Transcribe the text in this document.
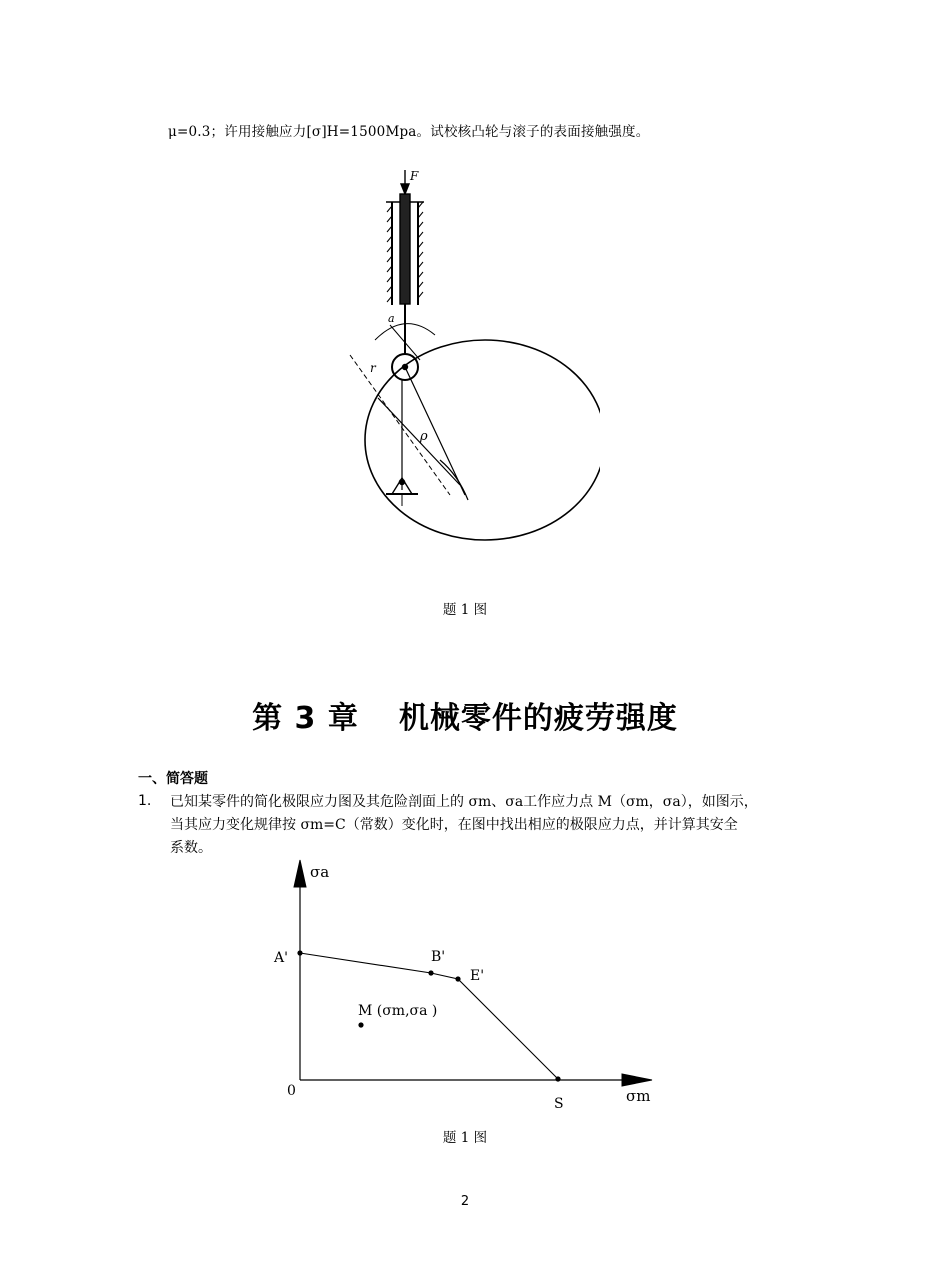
μ=0.3；许用接触应力[σ]H=1500Mpa。试校核凸轮与滚子的表面接触强度。
F
r
ρ
a
题 1 图
第 3 章 机械零件的疲劳强度
一、简答题
1. 已知某零件的简化极限应力图及其危险剖面上的 σm、σa工作应力点 M（σm，σa），如图示，
当其应力变化规律按 σm=C（常数）变化时，在图中找出相应的极限应力点，并计算其安全
系数。
σa
σm
0
A'	B'
E'
S
M (σm,σa )
题 1 图
2
